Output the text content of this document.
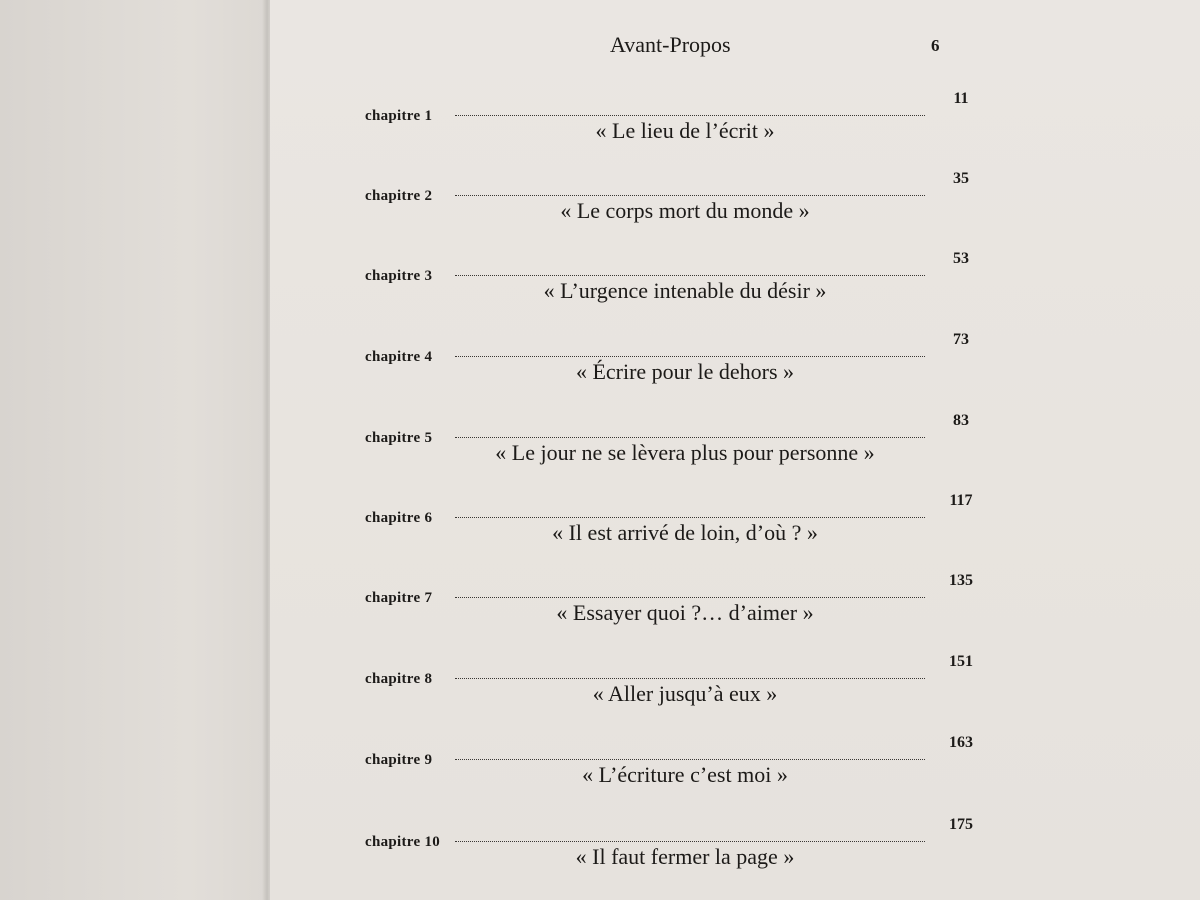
Avant-Propos	6
chapitre 1
11
« Le lieu de l’écrit »
chapitre 2
35
« Le corps mort du monde »
chapitre 3
53
« L’urgence intenable du désir »
chapitre 4
73
« Écrire pour le dehors »
chapitre 5
83
« Le jour ne se lèvera plus pour personne »
chapitre 6
117
« Il est arrivé de loin, d’où ? »
chapitre 7
135
« Essayer quoi ?… d’aimer »
chapitre 8
151
« Aller jusqu’à eux »
chapitre 9
163
« L’écriture c’est moi »
chapitre 10
175
« Il faut fermer la page »
